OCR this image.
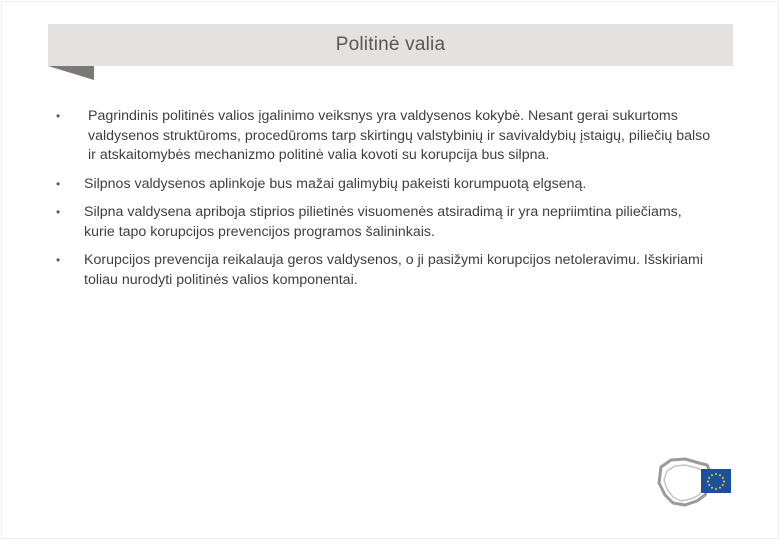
Politinė valia
•	Pagrindinis politinės valios įgalinimo veiksnys yra valdysenos kokybė. Nesant gerai sukurtoms valdysenos struktūroms, procedūroms tarp skirtingų valstybinių ir savivaldybių įstaigų, piliečių balso ir atskaitomybės mechanizmo politinė valia kovoti su korupcija bus silpna.
•	Silpnos valdysenos aplinkoje bus mažai galimybių pakeisti korumpuotą elgseną.
•	Silpna valdysena apriboja stiprios pilietinės visuomenės atsiradimą ir yra nepriimtina piliečiams, kurie tapo korupcijos prevencijos programos šalininkais.
•	Korupcijos prevencija reikalauja geros valdysenos, o ji pasižymi korupcijos netoleravimu. Išskiriami toliau nurodyti politinės valios komponentai.
